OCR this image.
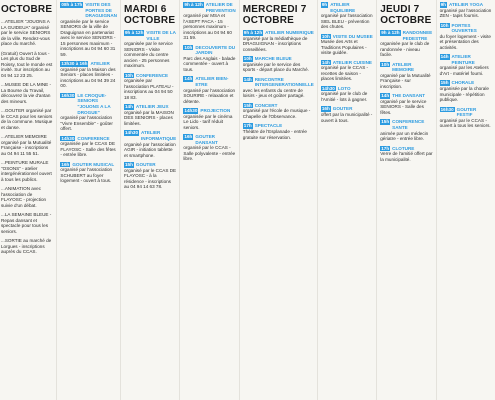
OCTOBRE
...ATELIER "JOUONS A LA GUIDEUA" organisé par le service SENIORS de la ville. Rendez-vous place du marché.
(Gratuit) Ouvert à tous - Les plus du Sud de Roissy, tout le monde est invité. Sur inscription au 04 94 12 23 25.
...MUSEE DE LA MINE - La Bourse du Travail, découvrez la vie d'antan des mineurs.
...GOUTER organisé par le CCAS pour les seniors de la commune. Musique et danse.
...ATELIER MEMOIRE organisé par la Mutualité Française - inscriptions au 04 94 11 55 51.
...PEINTURE MURALE "OSONS" - atelier intergénérationnel ouvert à tous les publics.
...ANIMATION avec l'association de FLAYOSC - projection suivie d'un débat.
...LA SEMAINE BLEUE - Repas dansant et spectacle pour tous les seniors.
...SORTIE au marché de Lorgues - inscriptions auprès du CCAS.
08h à 17h VISITE DES PORTES DE DRAGUIGNAN
organisée par le service SENIORS de la ville de Draguignan en partenariat avec le service SENIORS - 15 personnes maximum - inscriptions au 04 94 60 31 59.
13h30 à 16h ATELIER
organisé par la Maison des Seniors - places limitées - inscriptions au 04 94 39 24 00.
16h30 LE CROQUE-SENIORS "JOUONS A LA DROGUE"
organisé par l'association "Vivre Ensemble" - goûter offert.
14h30 CONFERENCE
organisée par le CCAS DE FLAYOSC - Salle des fêtes - entrée libre.
16h GOUTER MUSICAL
organisé par l'association SCHUBERT au foyer logement - ouvert à tous.
MARDI 6 OCTOBRE
9h à 12h VISITE DE LA VILLE
organisée par le service SENIORS - Visite commentée du centre ancien - 25 personnes maximum.
10h CONFERENCE
organisée par l'association PLATEAU - inscriptions au 04 94 50 18 83.
14h ATELIER JEUX
organisé par la MAISON DES SENIORS - places limitées.
14h30 ATELIER INFORMATIQUE
organisé par l'association AGIR - initiation tablette et smartphone.
15h GOUTER
organisé par le CCAS DE FLAYOSC - à la résidence - inscriptions au 04 94 14 63 78.
9h à 12h ATELIER DE PREVENTION
organisé par MSA et l'ASEPT PACA - 15 personnes maximum - inscriptions au 04 94 60 31 59.
10h DECOUVERTE DU JARDIN
Parc des Anglais - balade commentée - ouvert à tous.
14h ATELIER BIEN-ETRE
organisé par l'association SOURIRE - relaxation et détente.
14h30 PROJECTION
organisée par le cinéma Le Lido - tarif réduit seniors.
16h GOUTER DANSANT
organisé par le CCAS - Salle polyvalente - entrée libre.
MERCREDI 7 OCTOBRE
9h à 12h ATELIER NUMERIQUE
organisé par la médiathèque de DRAGUIGNAN - inscriptions conseillées.
10h MARCHE BLEUE
organisée par le service des sports - départ place du Marché.
14h RENCONTRE INTERGENERATIONNELLE
avec les enfants du centre de loisirs - jeux et goûter partagé.
15h CONCERT
organisé par l'école de musique - Chapelle de l'Observance.
17h SPECTACLE
Théâtre de l'Esplanade - entrée gratuite sur réservation.
9h ATELIER EQUILIBRE
organisé par l'association SIEL BLEU - prévention des chutes.
10h VISITE DU MUSEE
Musée des Arts et Traditions Populaires - visite guidée.
14h ATELIER CUISINE
organisé par le CCAS - recettes de saison - places limitées.
14h30 LOTO
organisé par le club de l'Amitié - lots à gagner.
16h GOUTER
offert par la municipalité - ouvert à tous.
JEUDI 7 OCTOBRE
9h à 12h RANDONNEE PEDESTRE
organisée par le club de randonnée - niveau facile.
10h ATELIER MEMOIRE
organisé par la Mutualité Française - sur inscription.
14h THE DANSANT
organisé par le service SENIORS - Salle des fêtes.
15h CONFERENCE SANTE
animée par un médecin gériatre - entrée libre.
17h CLOTURE
Verre de l'amitié offert par la municipalité.
9h ATELIER YOGA
organisé par l'association ZEN - tapis fournis.
10h PORTES OUVERTES
du foyer logement - visite et présentation des activités.
14h ATELIER PEINTURE
organisé par les Ateliers d'Art - matériel fourni.
15h CHORALE
organisée par la chorale municipale - répétition publique.
16h30 GOUTER FESTIF
organisé par le CCAS - ouvert à tous les seniors.
